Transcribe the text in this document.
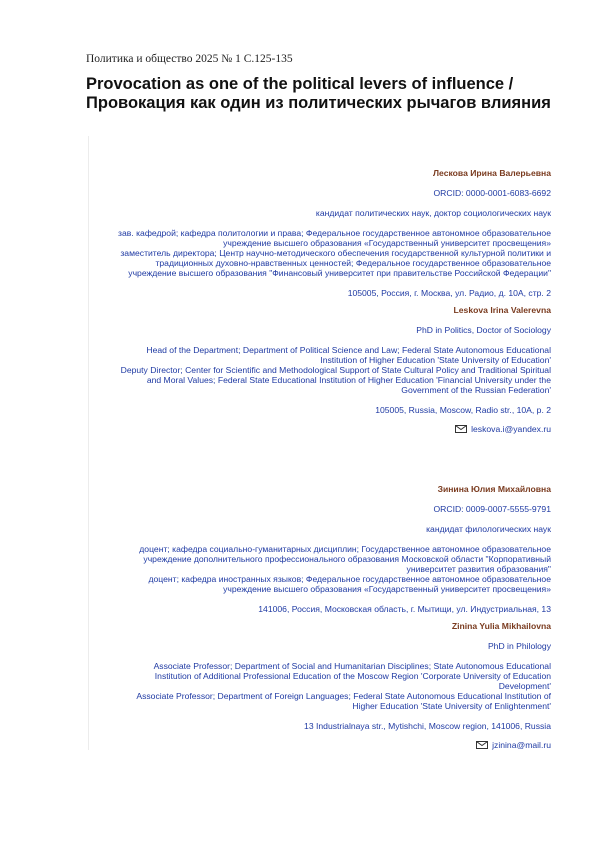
Политика и общество 2025 № 1 С.125-135
Provocation as one of the political levers of influence / Провокация как один из политических рычагов влияния
Лескова Ирина Валерьевна
ORCID: 0000-0001-6083-6692
кандидат политических наук, доктор социологических наук
зав. кафедрой; кафедра политологии и права; Федеральное государственное автономное образовательное
учреждение высшего образования «Государственный университет просвещения»
заместитель директора; Центр научно-методического обеспечения государственной культурной политики и
традиционных духовно-нравственных ценностей; Федеральное государственное образовательное
учреждение высшего образования "Финансовый университет при правительстве Российской Федерации"
105005, Россия, г. Москва, ул. Радио, д. 10А, стр. 2
Leskova Irina Valerevna
PhD in Politics, Doctor of Sociology
Head of the Department; Department of Political Science and Law; Federal State Autonomous Educational
Institution of Higher Education 'State University of Education'
Deputy Director; Center for Scientific and Methodological Support of State Cultural Policy and Traditional Spiritual
and Moral Values; Federal State Educational Institution of Higher Education 'Financial University under the
Government of the Russian Federation'
105005, Russia, Moscow, Radio str., 10A, p. 2
leskova.i@yandex.ru
Зинина Юлия Михайловна
ORCID: 0009-0007-5555-9791
кандидат филологических наук
доцент; кафедра социально-гуманитарных дисциплин; Государственное автономное образовательное
учреждение дополнительного профессионального образования Московской области "Корпоративный
университет развития образования"
доцент; кафедра иностранных языков; Федеральное государственное автономное образовательное
учреждение высшего образования «Государственный университет просвещения»
141006, Россия, Московская область, г. Мытищи, ул. Индустриальная, 13
Zinina Yulia Mikhailovna
PhD in Philology
Associate Professor; Department of Social and Humanitarian Disciplines; State Autonomous Educational
Institution of Additional Professional Education of the Moscow Region 'Corporate University of Education
Development'
Associate Professor; Department of Foreign Languages; Federal State Autonomous Educational Institution of
Higher Education 'State University of Enlightenment'
13 Industrialnaya str., Mytishchi, Moscow region, 141006, Russia
jzinina@mail.ru
